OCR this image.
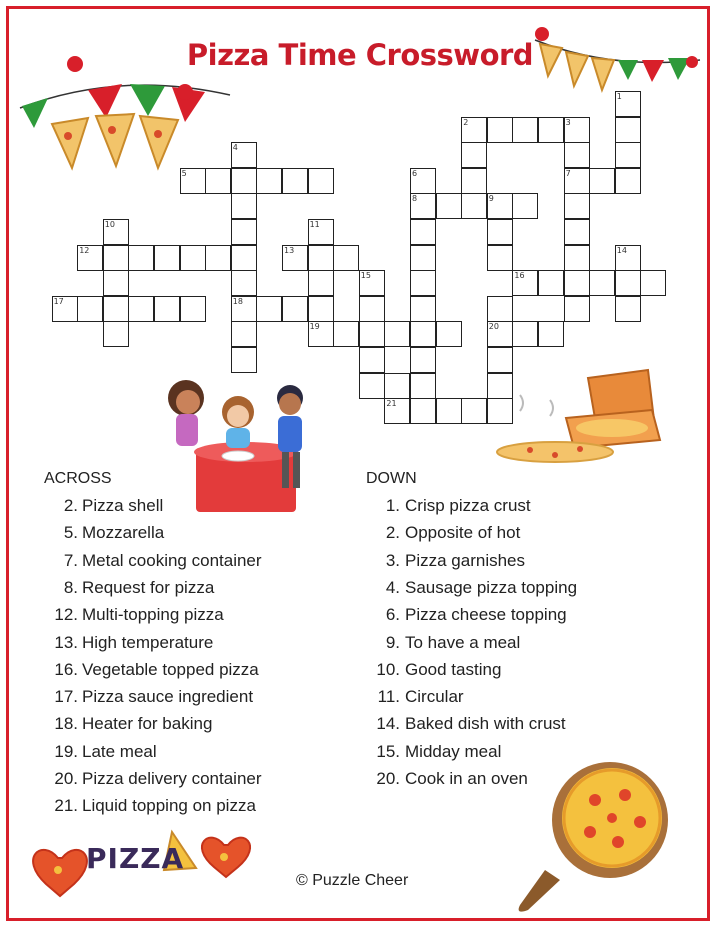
PIZZA
Pizza Time Crossword
1
2	3
4
5	6	7
8	9
10	11
12	13	14
15	16
17	18
19	20
21
ACROSS	DOWN
2. Pizza shell
5. Mozzarella
7. Metal cooking container
8. Request for pizza
12. Multi-topping pizza
13. High temperature
16. Vegetable topped pizza
17. Pizza sauce ingredient
18. Heater for baking
19. Late meal
20. Pizza delivery container
21. Liquid topping on pizza
1. Crisp pizza crust
2. Opposite of hot
3. Pizza garnishes
4. Sausage pizza topping
6. Pizza cheese topping
9. To have a meal
10. Good tasting
11. Circular
14. Baked dish with crust
15. Midday meal
20. Cook in an oven
© Puzzle Cheer
